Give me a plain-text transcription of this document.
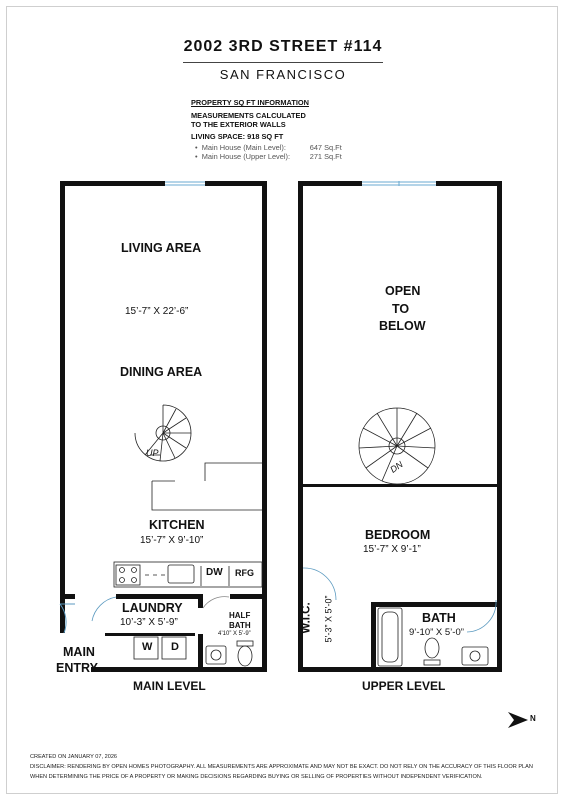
2002 3RD STREET #114
SAN FRANCISCO
PROPERTY SQ FT INFORMATION
MEASUREMENTS CALCULATED
TO THE EXTERIOR WALLS
LIVING SPACE: 918 SQ FT
•  Main House (Main Level):	647 Sq.Ft
•  Main House (Upper Level):	271 Sq.Ft
LIVING AREA
15’-7” X 22’-6”
DINING AREA
UP
KITCHEN
15’-7” X 9’-10”
DW RFG
LAUNDRY
10’-3” X 5’-9”
HALF
BATH
4’10” X 5’-9”
W D
MAIN
ENTRY
MAIN LEVEL
OPEN
TO
BELOW
DN
BEDROOM
15’-7” X 9’-1”
W.I.C. 5’-3” X 5’-0”	BATH
9’-10” X 5’-0”
UPPER LEVEL
N
CREATED ON JANUARY 07, 2026
DISCLAIMER: RENDERING BY OPEN HOMES PHOTOGRAPHY. ALL MEASUREMENTS ARE APPROXIMATE AND MAY NOT BE EXACT. DO NOT RELY ON THE ACCURACY OF THIS FLOOR PLAN
WHEN DETERMINING THE PRICE OF A PROPERTY OR MAKING DECISIONS REGARDING BUYING OR SELLING OF PROPERTIES WITHOUT INDEPENDENT VERIFICATION.
